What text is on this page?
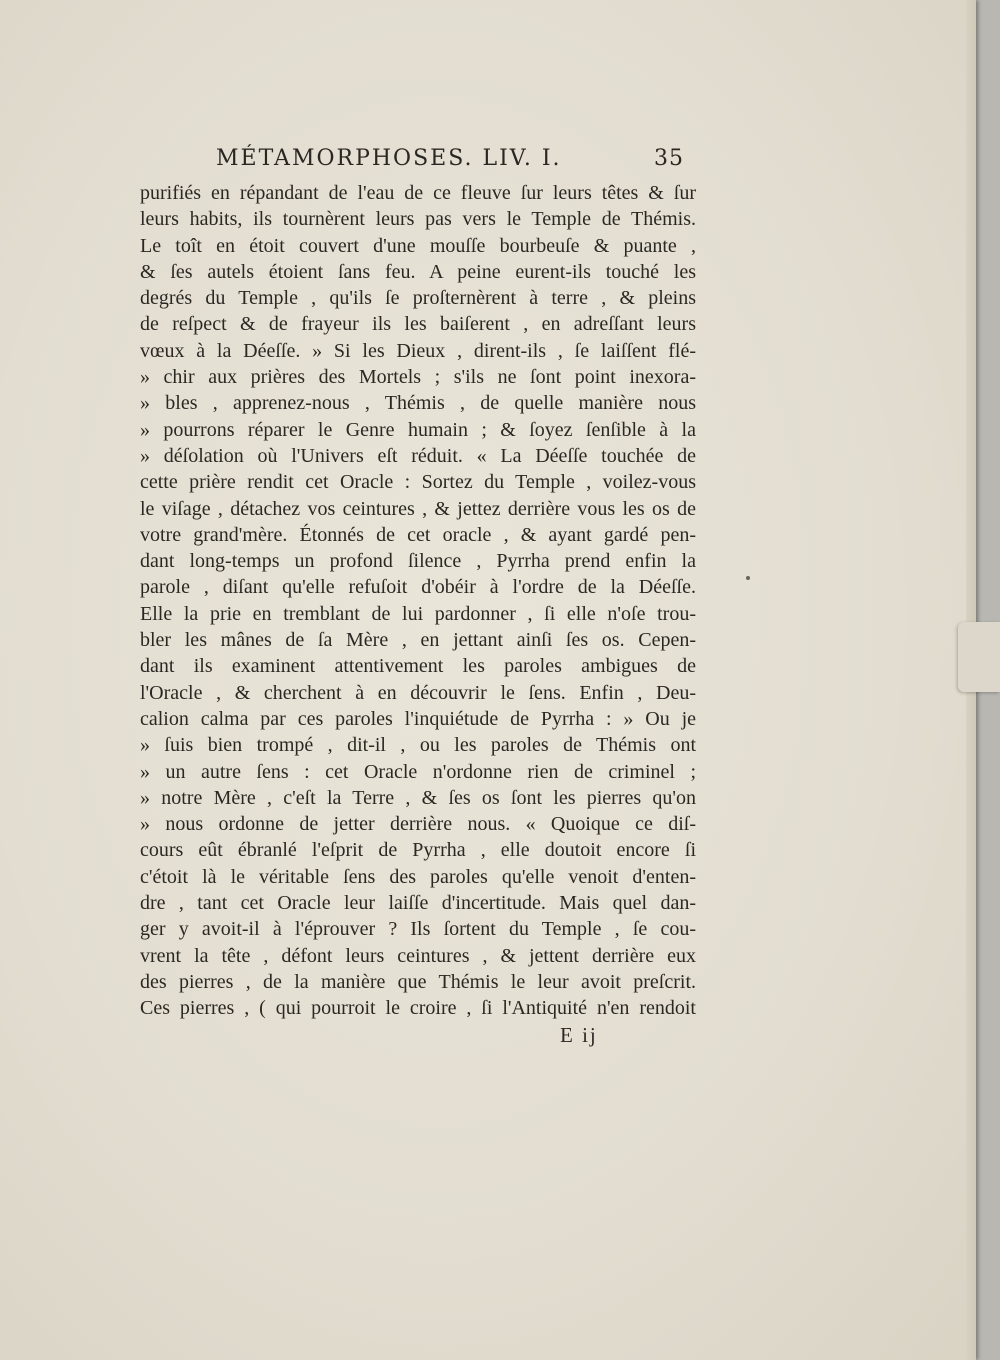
MÉTAMORPHOSES. LIV. I.	35
purifiés en répandant de l'eau de ce fleuve ſur leurs têtes & ſur
leurs habits, ils tournèrent leurs pas vers le Temple de Thémis.
Le toît en étoit couvert d'une mouſſe bourbeuſe & puante ,
& ſes autels étoient ſans feu. A peine eurent-ils touché les
degrés du Temple , qu'ils ſe proſternèrent à terre , & pleins
de reſpect & de frayeur ils les baiſerent , en adreſſant leurs
vœux à la Déeſſe. » Si les Dieux , dirent-ils , ſe laiſſent flé-
» chir aux prières des Mortels ; s'ils ne ſont point inexora-
» bles , apprenez-nous , Thémis , de quelle manière nous
» pourrons réparer le Genre humain ; & ſoyez ſenſible à la
» déſolation où l'Univers eſt réduit. « La Déeſſe touchée de
cette prière rendit cet Oracle : Sortez du Temple , voilez-vous
le viſage , détachez vos ceintures , & jettez derrière vous les os de
votre grand'mère. Étonnés de cet oracle , & ayant gardé pen-
dant long-temps un profond ſilence , Pyrrha prend enfin la
parole , diſant qu'elle refuſoit d'obéir à l'ordre de la Déeſſe.
Elle la prie en tremblant de lui pardonner , ſi elle n'oſe trou-
bler les mânes de ſa Mère , en jettant ainſi ſes os. Cepen-
dant ils examinent attentivement les paroles ambigues de
l'Oracle , & cherchent à en découvrir le ſens. Enfin , Deu-
calion calma par ces paroles l'inquiétude de Pyrrha : » Ou je
» ſuis bien trompé , dit-il , ou les paroles de Thémis ont
» un autre ſens : cet Oracle n'ordonne rien de criminel ;
» notre Mère , c'eſt la Terre , & ſes os ſont les pierres qu'on
» nous ordonne de jetter derrière nous. « Quoique ce diſ-
cours eût ébranlé l'eſprit de Pyrrha , elle doutoit encore ſi
c'étoit là le véritable ſens des paroles qu'elle venoit d'enten-
dre , tant cet Oracle leur laiſſe d'incertitude. Mais quel dan-
ger y avoit-il à l'éprouver ? Ils ſortent du Temple , ſe cou-
vrent la tête , défont leurs ceintures , & jettent derrière eux
des pierres , de la manière que Thémis le leur avoit preſcrit.
Ces pierres , ( qui pourroit le croire , ſi l'Antiquité n'en rendoit
E ij
